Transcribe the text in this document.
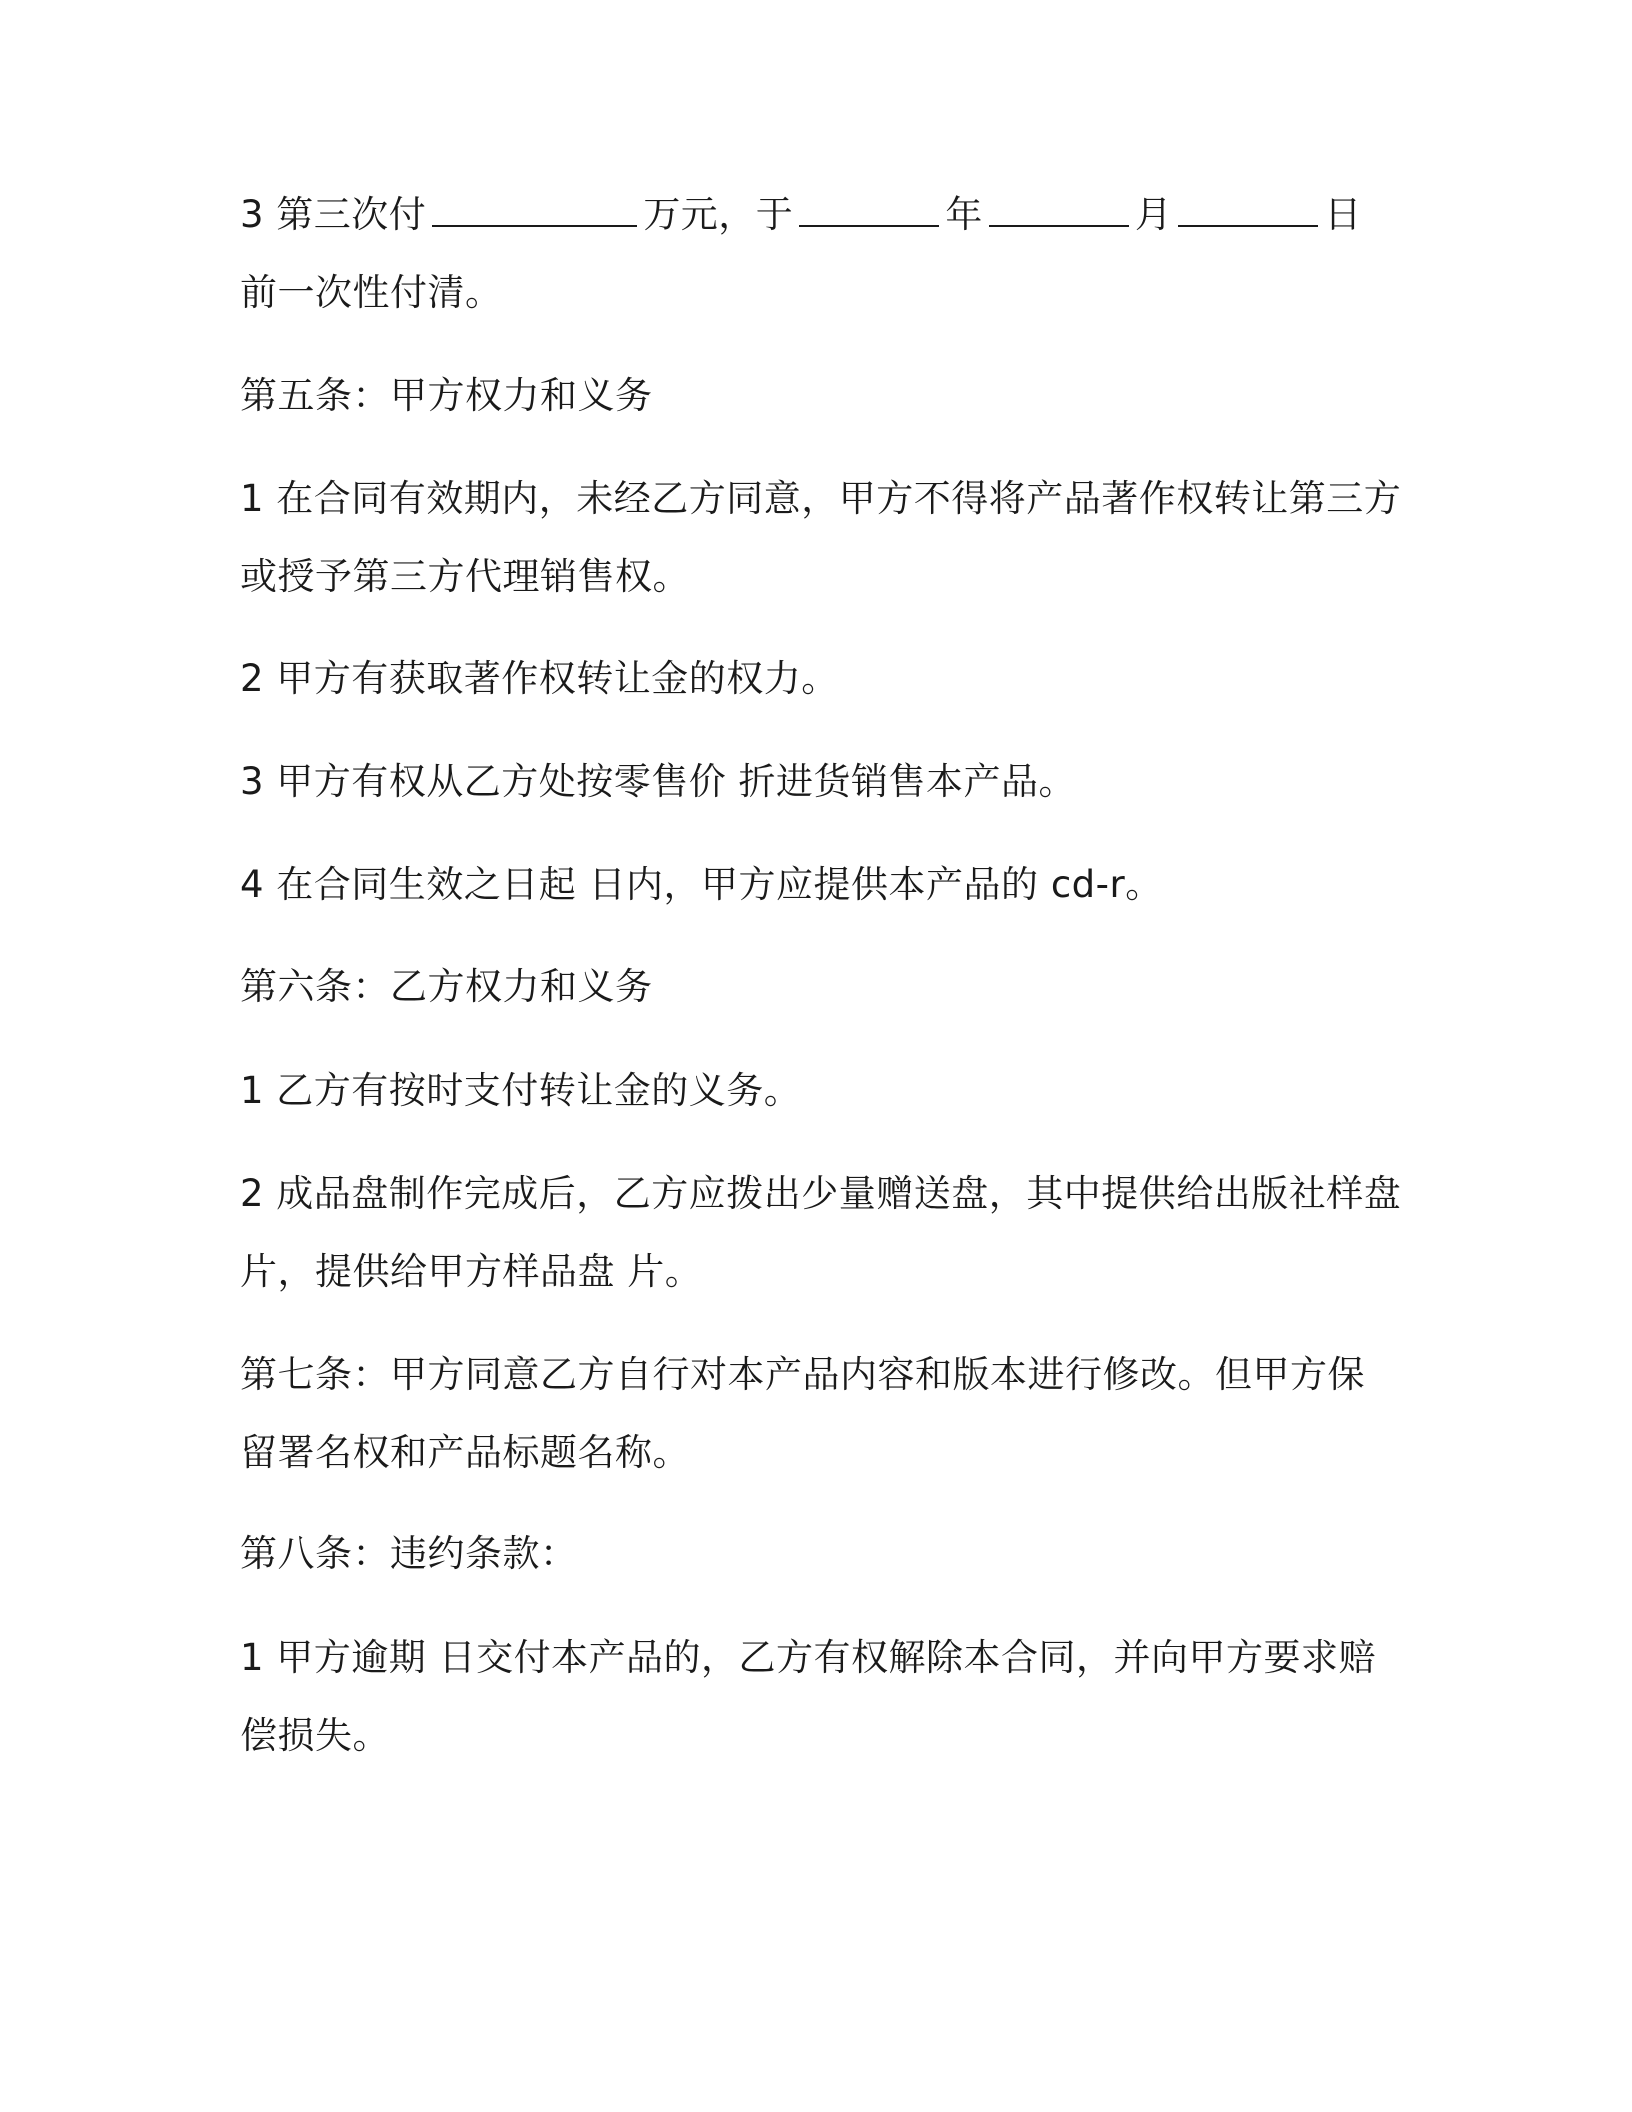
3 第三次付	万元，于	年	月	日
前一次性付清。

第五条：甲方权力和义务

1 在合同有效期内，未经乙方同意，甲方不得将产品著作权转让第三方
或授予第三方代理销售权。

2 甲方有获取著作权转让金的权力。

3 甲方有权从乙方处按零售价 折进货销售本产品。

4 在合同生效之日起 日内，甲方应提供本产品的 cd-r。

第六条：乙方权力和义务

1 乙方有按时支付转让金的义务。

2 成品盘制作完成后，乙方应拨出少量赠送盘，其中提供给出版社样盘
片，提供给甲方样品盘 片。

第七条：甲方同意乙方自行对本产品内容和版本进行修改。但甲方保
留署名权和产品标题名称。

第八条：违约条款：

1 甲方逾期 日交付本产品的，乙方有权解除本合同，并向甲方要求赔
偿损失。
